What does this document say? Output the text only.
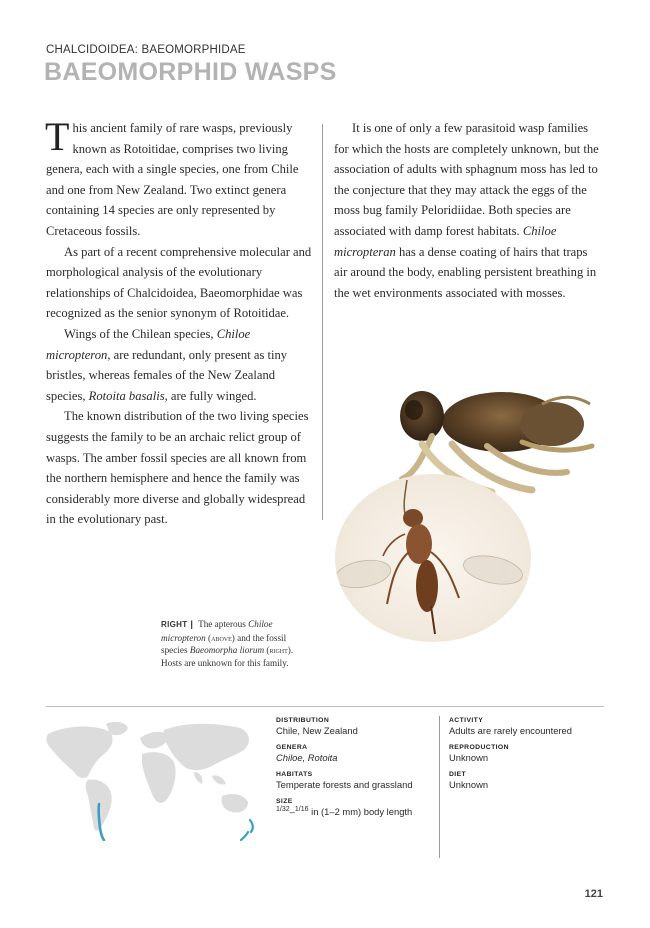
CHALCIDOIDEA: BAEOMORPHIDAE
BAEOMORPHID WASPS

This ancient family of rare wasps, previously known as Rotoitidae, comprises two living genera, each with a single species, one from Chile and one from New Zealand. Two extinct genera containing 14 species are only represented by Cretaceous fossils.

As part of a recent comprehensive molecular and morphological analysis of the evolutionary relationships of Chalcidoidea, Baeomorphidae was recognized as the senior synonym of Rotoitidae.

Wings of the Chilean species, Chiloe micropteron, are redundant, only present as tiny bristles, whereas females of the New Zealand species, Rotoita basalis, are fully winged.

The known distribution of the two living species suggests the family to be an archaic relict group of wasps. The amber fossil species are all known from the northern hemisphere and hence the family was considerably more diverse and globally widespread in the evolutionary past.

It is one of only a few parasitoid wasp families for which the hosts are completely unknown, but the association of adults with sphagnum moss has led to the conjecture that they may attack the eggs of the moss bug family Peloridiidae. Both species are associated with damp forest habitats. Chiloe micropteran has a dense coating of hairs that traps air around the body, enabling persistent breathing in the wet environments associated with mosses.

RIGHT | The apterous Chiloe micropteron (above) and the fossil species Baeomorpha liorum (right). Hosts are unknown for this family.
DISTRIBUTION
Chile, New Zealand
GENERA
Chiloe, Rotoita
HABITATS
Temperate forests and grassland
SIZE
$^{1/32}$–$^{1/16}$ in (1–2 mm) body length
ACTIVITY
Adults are rarely encountered
REPRODUCTION
Unknown
DIET
Unknown
121
